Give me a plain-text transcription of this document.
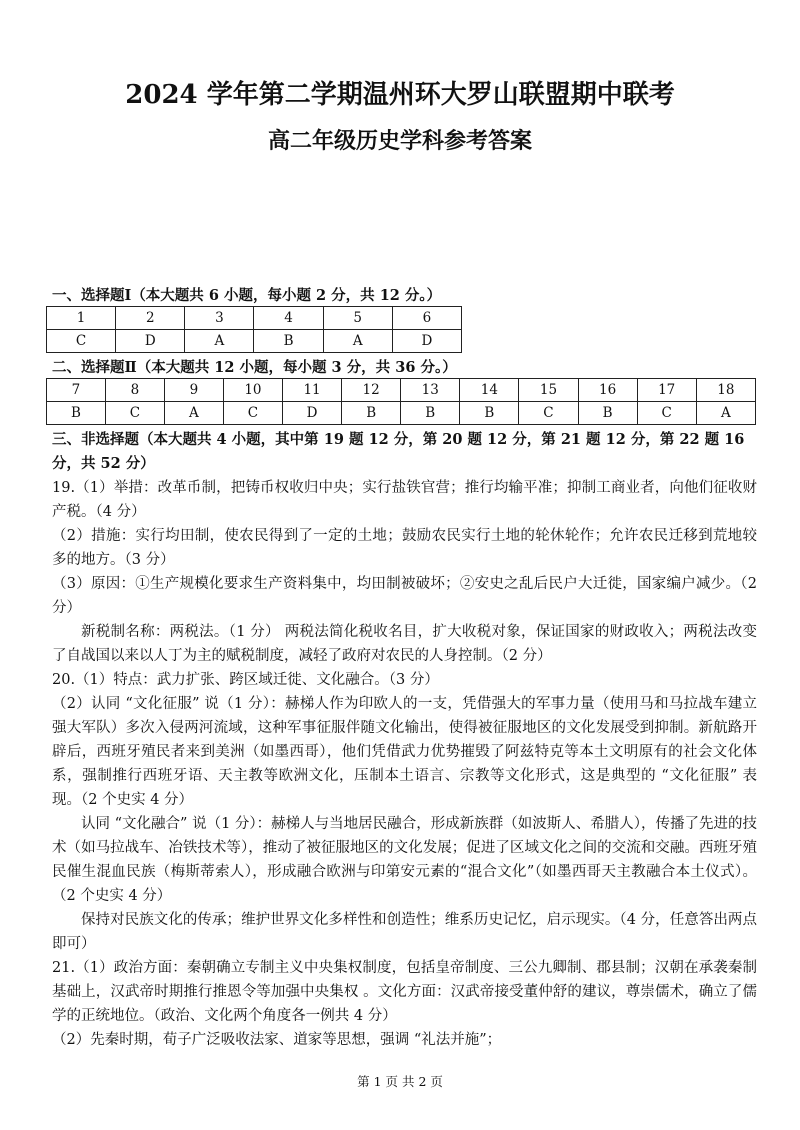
2024 学年第二学期温州环大罗山联盟期中联考
高二年级历史学科参考答案
一、选择题Ⅰ（本大题共 6 小题，每小题 2 分，共 12 分。）
1	2	3	4	5	6
C	D	A	B	A	D
二、选择题Ⅱ（本大题共 12 小题，每小题 3 分，共 36 分。）
7	8	9	10	11	12	13	14	15	16	17	18
B	C	A	C	D	B	B	B	C	B	C	A

三、非选择题（本大题共 4 小题，其中第 19 题 12 分，第 20 题 12 分，第 21 题 12 分，第 22 题 16
分，共 52 分）

19.（1）举措：改革币制，把铸币权收归中央；实行盐铁官营；推行均输平准；抑制工商业者，向他们征收财产税。（4 分）

（2）措施：实行均田制，使农民得到了一定的土地；鼓励农民实行土地的轮休轮作；允许农民迁移到荒地较多的地方。（3 分）

（3）原因：①生产规模化要求生产资料集中，均田制被破坏；②安史之乱后民户大迁徙，国家编户减少。（2 分）

新税制名称：两税法。（1 分） 两税法简化税收名目，扩大收税对象，保证国家的财政收入；两税法改变了自战国以来以人丁为主的赋税制度，减轻了政府对农民的人身控制。（2 分）

20.（1）特点：武力扩张、跨区域迁徙、文化融合。（3 分）

（2）认同 “文化征服” 说（1 分）：赫梯人作为印欧人的一支，凭借强大的军事力量（使用马和马拉战车建立强大军队）多次入侵两河流域，这种军事征服伴随文化输出，使得被征服地区的文化发展受到抑制。新航路开辟后，西班牙殖民者来到美洲（如墨西哥），他们凭借武力优势摧毁了阿兹特克等本土文明原有的社会文化体系，强制推行西班牙语、天主教等欧洲文化，压制本土语言、宗教等文化形式，这是典型的 “文化征服” 表现。（2 个史实 4 分）

认同 “文化融合” 说（1 分）：赫梯人与当地居民融合，形成新族群（如波斯人、希腊人），传播了先进的技术（如马拉战车、冶铁技术等），推动了被征服地区的文化发展；促进了区域文化之间的交流和交融。西班牙殖民催生混血民族（梅斯蒂索人），形成融合欧洲与印第安元素的“混合文化”（如墨西哥天主教融合本土仪式）。（2 个史实 4 分）

保持对民族文化的传承；维护世界文化多样性和创造性；维系历史记忆，启示现实。（4 分，任意答出两点即可）

21.（1）政治方面：秦朝确立专制主义中央集权制度，包括皇帝制度、三公九卿制、郡县制；汉朝在承袭秦制基础上，汉武帝时期推行推恩令等加强中央集权 。文化方面：汉武帝接受董仲舒的建议，尊崇儒术，确立了儒学的正统地位。（政治、文化两个角度各一例共 4 分）

（2）先秦时期，荀子广泛吸收法家、道家等思想，强调 “礼法并施”；

第 1 页 共 2 页
